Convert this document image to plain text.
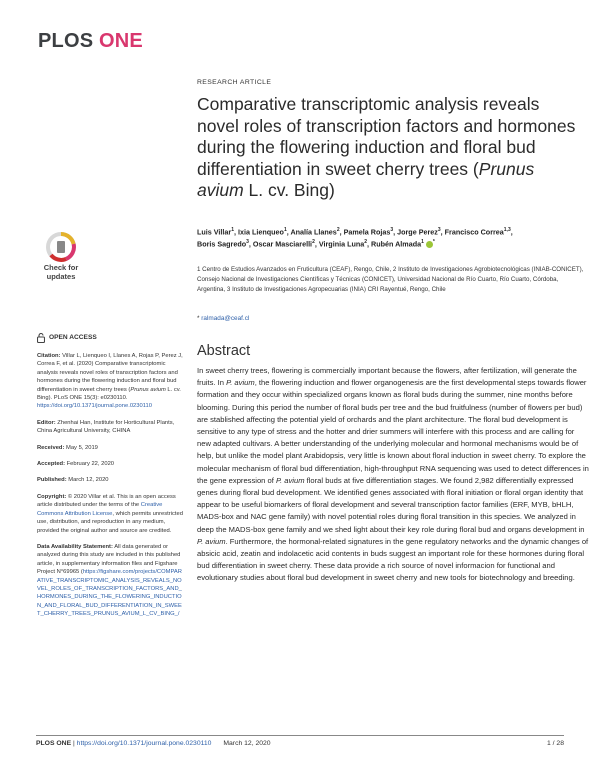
PLOS ONE
RESEARCH ARTICLE
Comparative transcriptomic analysis reveals novel roles of transcription factors and hormones during the flowering induction and floral bud differentiation in sweet cherry trees (Prunus avium L. cv. Bing)
Luis Villar$^1$, Ixia Lienqueo$^1$, Analía Llanes$^2$, Pamela Rojas$^3$, Jorge Perez$^3$, Francisco Correa$^{1,3}$, Boris Sagredo$^3$, Oscar Masciarelli$^2$, Virginia Luna$^2$, Rubén Almada$^1$ *
1 Centro de Estudios Avanzados en Fruticultura (CEAF), Rengo, Chile, 2 Instituto de Investigaciones Agrobiotecnológicas (INIAB-CONICET), Consejo Nacional de Investigaciones Científicas y Técnicas (CONICET), Universidad Nacional de Río Cuarto, Río Cuarto, Córdoba, Argentina, 3 Instituto de Investigaciones Agropecuarias (INIA) CRI Rayentué, Rengo, Chile
* ralmada@ceaf.cl
Check for
updates
OPEN ACCESS
Citation: Villar L, Lienqueo I, Llanes A, Rojas P, Perez J, Correa F, et al. (2020) Comparative transcriptomic analysis reveals novel roles of transcription factors and hormones during the flowering induction and floral bud differentiation in sweet cherry trees (Prunus avium L. cv. Bing). PLoS ONE 15(3): e0230110. https://doi.org/10.1371/journal.pone.0230110
Editor: Zhenhai Han, Institute for Horticultural Plants, China Agricultural University, CHINA
Received: May 5, 2019
Accepted: February 22, 2020
Published: March 12, 2020
Copyright: © 2020 Villar et al. This is an open access article distributed under the terms of the Creative Commons Attribution License, which permits unrestricted use, distribution, and reproduction in any medium, provided the original author and source are credited.
Data Availability Statement: All data generated or analyzed during this study are included in this published article, in supplementary information files and Figshare Project N°69965 (https://figshare.com/projects/COMPARATIVE_TRANSCRIPTOMIC_ANALYSIS_REVEALS_NOVEL_ROLES_OF_TRANSCRIPTION_FACTORS_AND_HORMONES_DURING_THE_FLOWERING_INDUCTION_AND_FLORAL_BUD_DIFFERENTIATION_IN_SWEET_CHERRY_TREES_PRUNUS_AVIUM_L_CV_BING_/
Abstract

In sweet cherry trees, flowering is commercially important because the flowers, after fertilization, will generate the fruits. In P. avium, the flowering induction and flower organogenesis are the first developmental steps towards flower formation and they occur within specialized organs known as floral buds during the summer, nine months before blooming. During this period the number of floral buds per tree and the bud fruitfulness (number of flowers per bud) are stablished affecting the potential yield of orchards and the plant architecture. The floral bud development is sensitive to any type of stress and the hotter and drier summers will interfere with this process and are calling for new adapted cultivars. A better understanding of the underlying molecular and hormonal mechanisms would be of help, but unlike the model plant Arabidopsis, very little is known about floral induction in sweet cherry. To explore the molecular mechanism of floral bud differentiation, high-throughput RNA sequencing was used to detect differences in the gene expression of P. avium floral buds at five differentiation stages. We found 2,982 differentially expressed genes during floral bud development. We identified genes associated with floral initiation or floral organ identity that appear to be useful biomarkers of floral development and several transcription factor families (ERF, MYB, bHLH, MADS-box and NAC gene family) with novel potential roles during floral transition in this species. We analyzed in deep the MADS-box gene family and we shed light about their key role during floral bud and organs development in P. avium. Furthermore, the hormonal-related signatures in the gene regulatory networks and the dynamic changes of absicic acid, zeatin and indolacetic acid contents in buds suggest an important role for these hormones during floral bud differentiation in sweet cherry. These data provide a rich source of novel informacion for functional and evolutionary studies about floral bud development in sweet cherry and new tools for biotechnology and breeding.

PLOS ONE | https://doi.org/10.1371/journal.pone.0230110 March 12, 2020	1 / 28
